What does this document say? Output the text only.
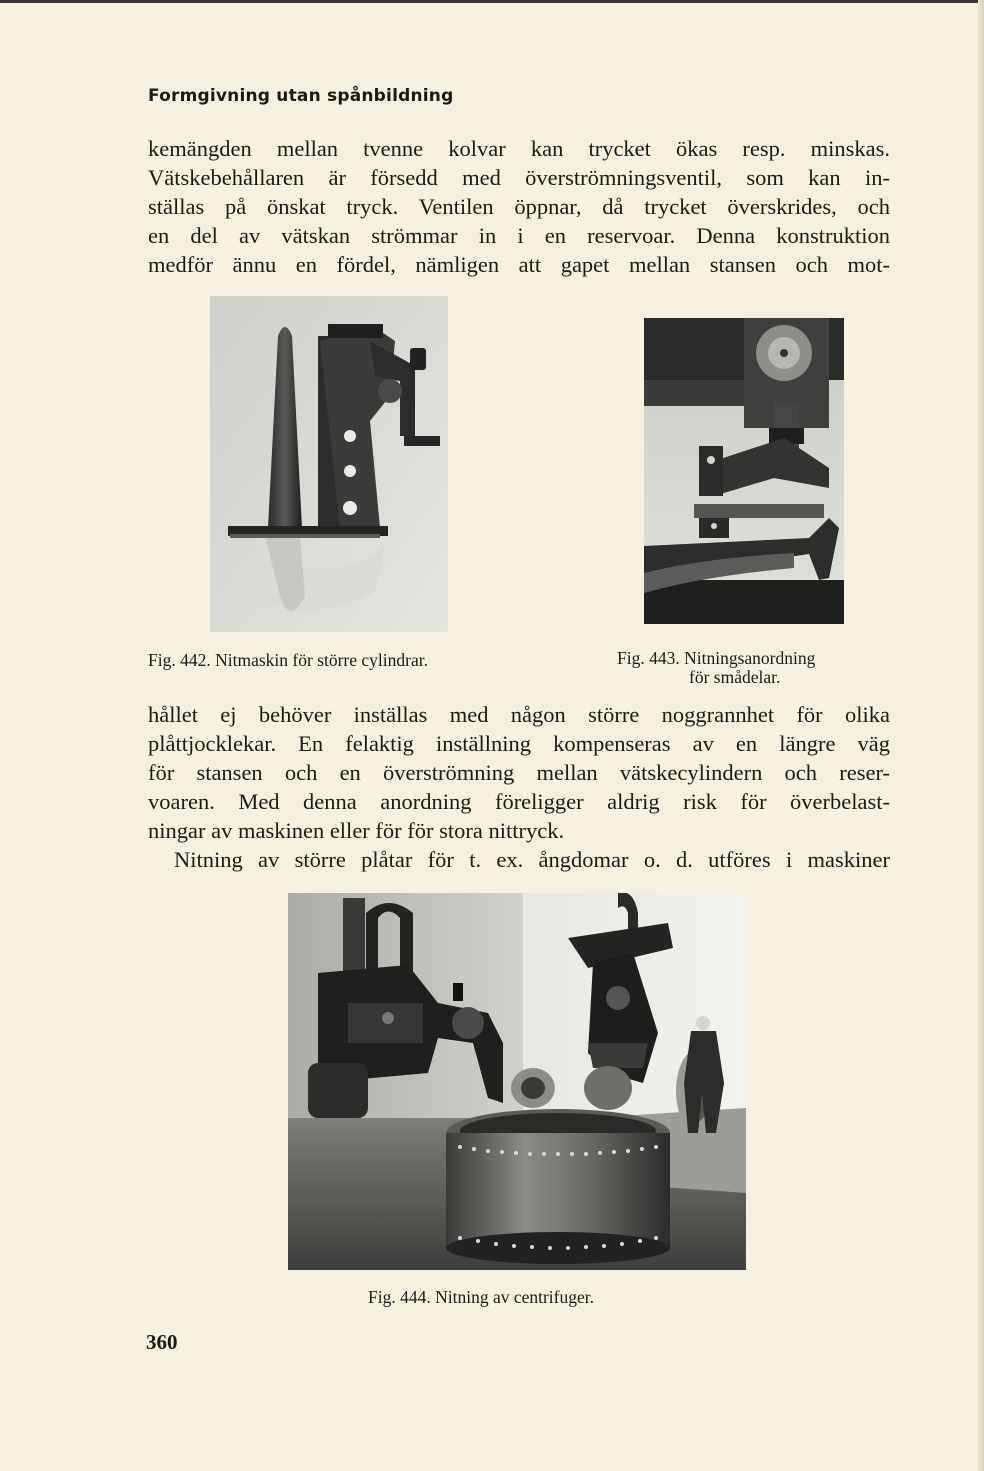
Formgivning utan spånbildning
kemängden mellan tvenne kolvar kan trycket ökas resp. minskas.
Vätskebehållaren är försedd med överströmningsventil, som kan in-
ställas på önskat tryck. Ventilen öppnar, då trycket överskrides, och
en del av vätskan strömmar in i en reservoar. Denna konstruktion
medför ännu en fördel, nämligen att gapet mellan stansen och mot-
Fig. 442. Nitmaskin för större cylindrar.	Fig. 443. Nitningsanordning
för smådelar.
hållet ej behöver inställas med någon större noggrannhet för olika
plåttjocklekar. En felaktig inställning kompenseras av en längre väg
för stansen och en överströmning mellan vätskecylindern och reser-
voaren. Med denna anordning föreligger aldrig risk för överbelast-
ningar av maskinen eller för för stora nittryck.
Nitning av större plåtar för t. ex. ångdomar o. d. utföres i maskiner
Fig. 444. Nitning av centrifuger.
360
